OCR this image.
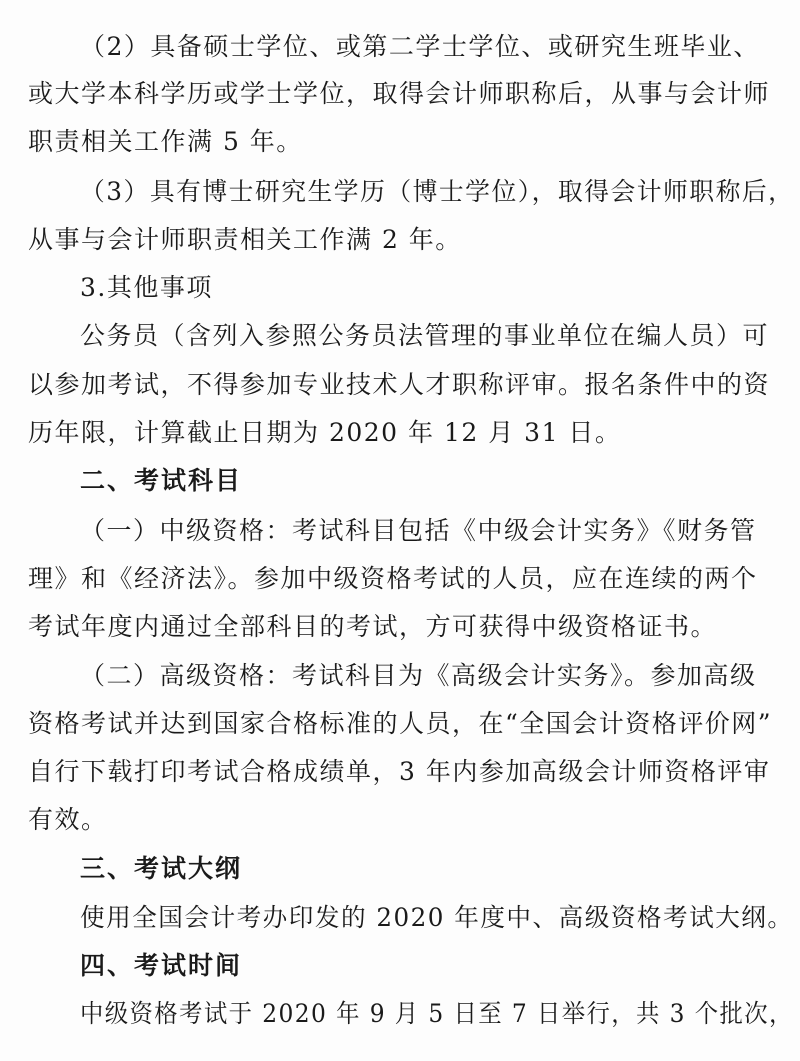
（2）具备硕士学位、或第二学士学位、或研究生班毕业、
或大学本科学历或学士学位，取得会计师职称后，从事与会计师
职责相关工作满 5 年。
（3）具有博士研究生学历（博士学位），取得会计师职称后，
从事与会计师职责相关工作满 2 年。
3.其他事项
公务员（含列入参照公务员法管理的事业单位在编人员）可
以参加考试，不得参加专业技术人才职称评审。报名条件中的资
历年限，计算截止日期为 2020 年 12 月 31 日。
二、考试科目
（一）中级资格：考试科目包括《中级会计实务》《财务管
理》和《经济法》。参加中级资格考试的人员，应在连续的两个
考试年度内通过全部科目的考试，方可获得中级资格证书。
（二）高级资格：考试科目为《高级会计实务》。参加高级
资格考试并达到国家合格标准的人员，在“全国会计资格评价网”
自行下载打印考试合格成绩单，3 年内参加高级会计师资格评审
有效。
三、考试大纲
使用全国会计考办印发的 2020 年度中、高级资格考试大纲。
四、考试时间
中级资格考试于 2020 年 9 月 5 日至 7 日举行，共 3 个批次，
